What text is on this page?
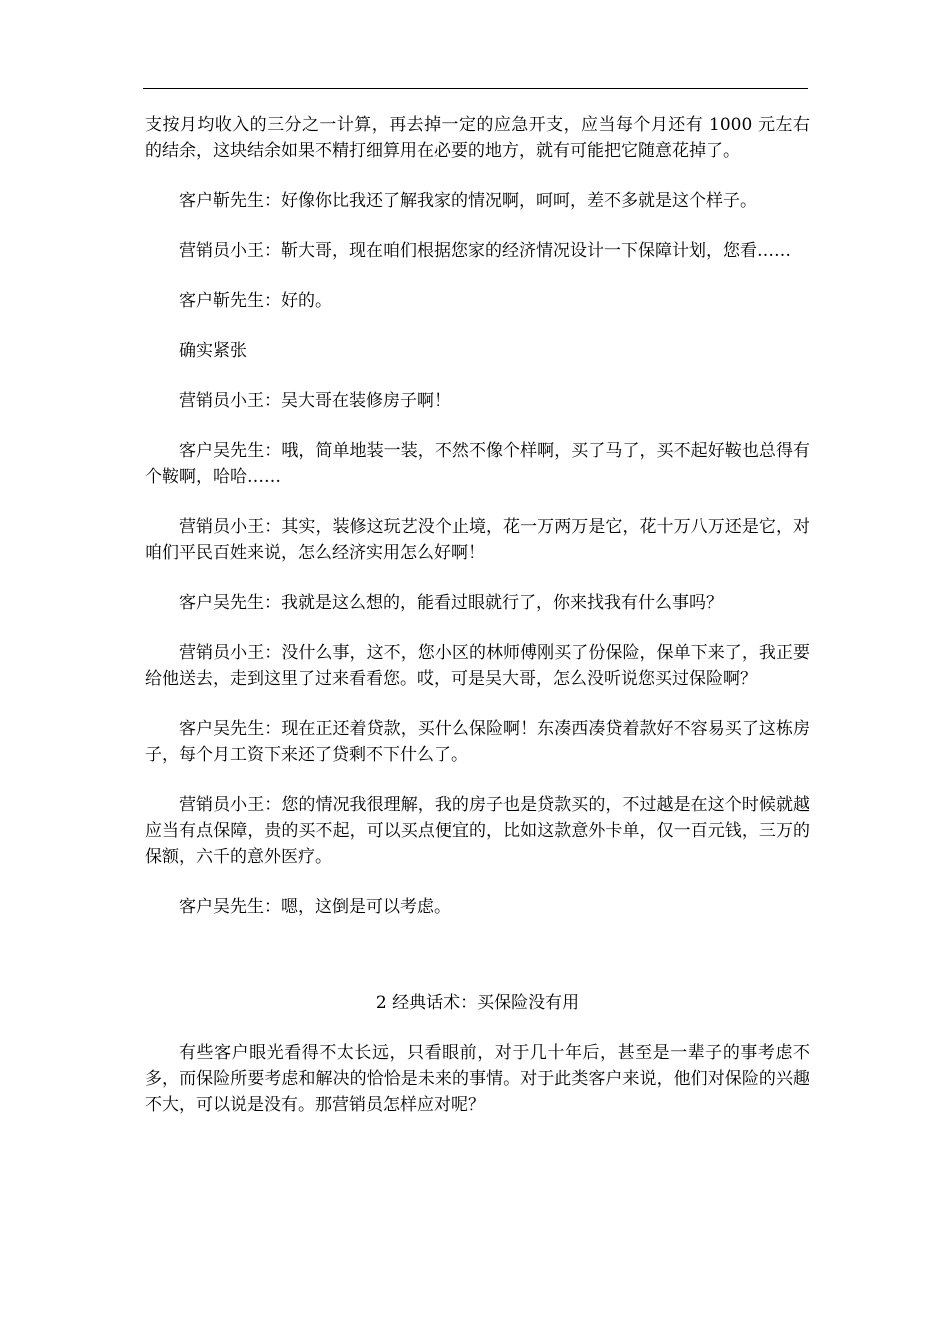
支按月均收入的三分之一计算，再去掉一定的应急开支，应当每个月还有 1000 元左右的结余，这块结余如果不精打细算用在必要的地方，就有可能把它随意花掉了。

客户靳先生：好像你比我还了解我家的情况啊，呵呵，差不多就是这个样子。

营销员小王：靳大哥，现在咱们根据您家的经济情况设计一下保障计划，您看……

客户靳先生：好的。

确实紧张

营销员小王：吴大哥在装修房子啊！

客户吴先生：哦，简单地装一装，不然不像个样啊，买了马了，买不起好鞍也总得有个鞍啊，哈哈……

营销员小王：其实，装修这玩艺没个止境，花一万两万是它，花十万八万还是它，对咱们平民百姓来说，怎么经济实用怎么好啊！

客户吴先生：我就是这么想的，能看过眼就行了，你来找我有什么事吗？

营销员小王：没什么事，这不，您小区的林师傅刚买了份保险，保单下来了，我正要给他送去，走到这里了过来看看您。哎，可是吴大哥，怎么没听说您买过保险啊？

客户吴先生：现在正还着贷款，买什么保险啊！东凑西凑贷着款好不容易买了这栋房子，每个月工资下来还了贷剩不下什么了。

营销员小王：您的情况我很理解，我的房子也是贷款买的，不过越是在这个时候就越应当有点保障，贵的买不起，可以买点便宜的，比如这款意外卡单，仅一百元钱，三万的保额，六千的意外医疗。

客户吴先生：嗯，这倒是可以考虑。

2 经典话术：买保险没有用

有些客户眼光看得不太长远，只看眼前，对于几十年后，甚至是一辈子的事考虑不多，而保险所要考虑和解决的恰恰是未来的事情。对于此类客户来说，他们对保险的兴趣不大，可以说是没有。那营销员怎样应对呢？
